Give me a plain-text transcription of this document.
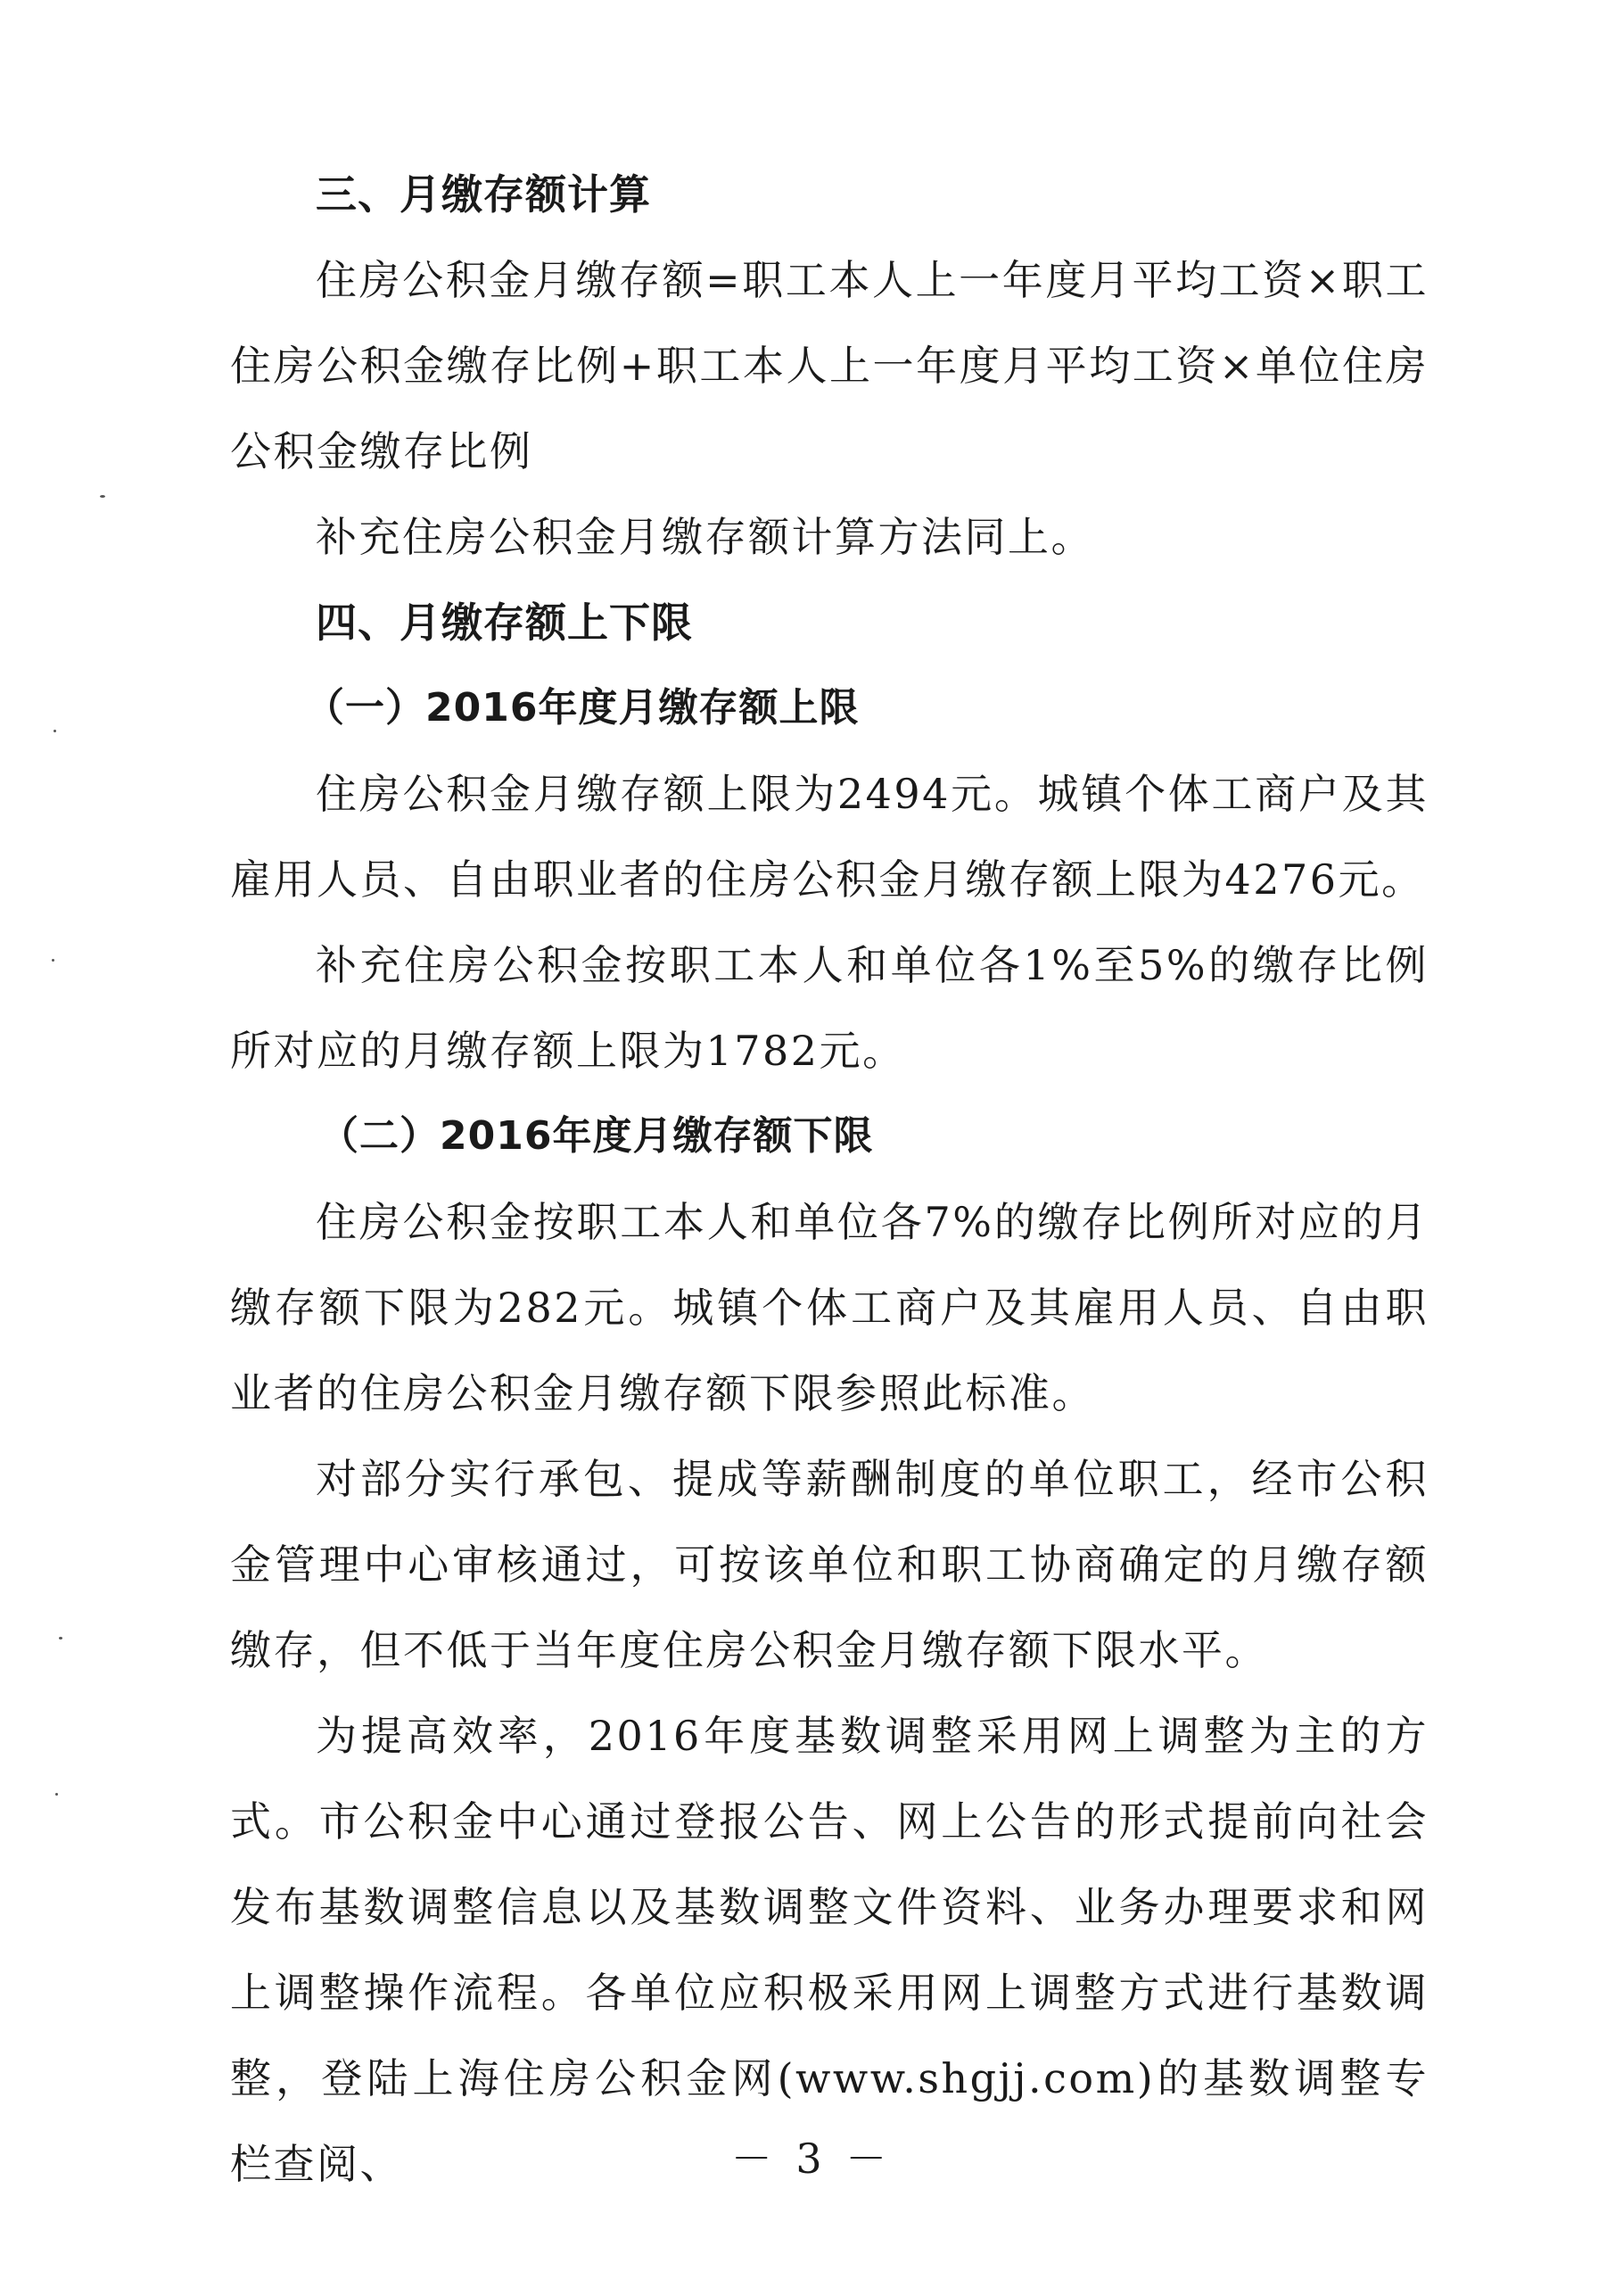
三、月缴存额计算

住房公积金月缴存额=职工本人上一年度月平均工资×职工住房公积金缴存比例+职工本人上一年度月平均工资×单位住房公积金缴存比例

补充住房公积金月缴存额计算方法同上。

四、月缴存额上下限
（一）2016年度月缴存额上限

住房公积金月缴存额上限为2494元。城镇个体工商户及其雇用人员、自由职业者的住房公积金月缴存额上限为4276元。

补充住房公积金按职工本人和单位各1%至5%的缴存比例所对应的月缴存额上限为1782元。

（二）2016年度月缴存额下限

住房公积金按职工本人和单位各7%的缴存比例所对应的月缴存额下限为282元。城镇个体工商户及其雇用人员、自由职业者的住房公积金月缴存额下限参照此标准。

对部分实行承包、提成等薪酬制度的单位职工，经市公积金管理中心审核通过，可按该单位和职工协商确定的月缴存额缴存，但不低于当年度住房公积金月缴存额下限水平。

为提高效率，2016年度基数调整采用网上调整为主的方式。市公积金中心通过登报公告、网上公告的形式提前向社会发布基数调整信息以及基数调整文件资料、业务办理要求和网上调整操作流程。各单位应积极采用网上调整方式进行基数调整，登陆上海住房公积金网(www.shgjj.com)的基数调整专栏查阅、	－ 3 －
